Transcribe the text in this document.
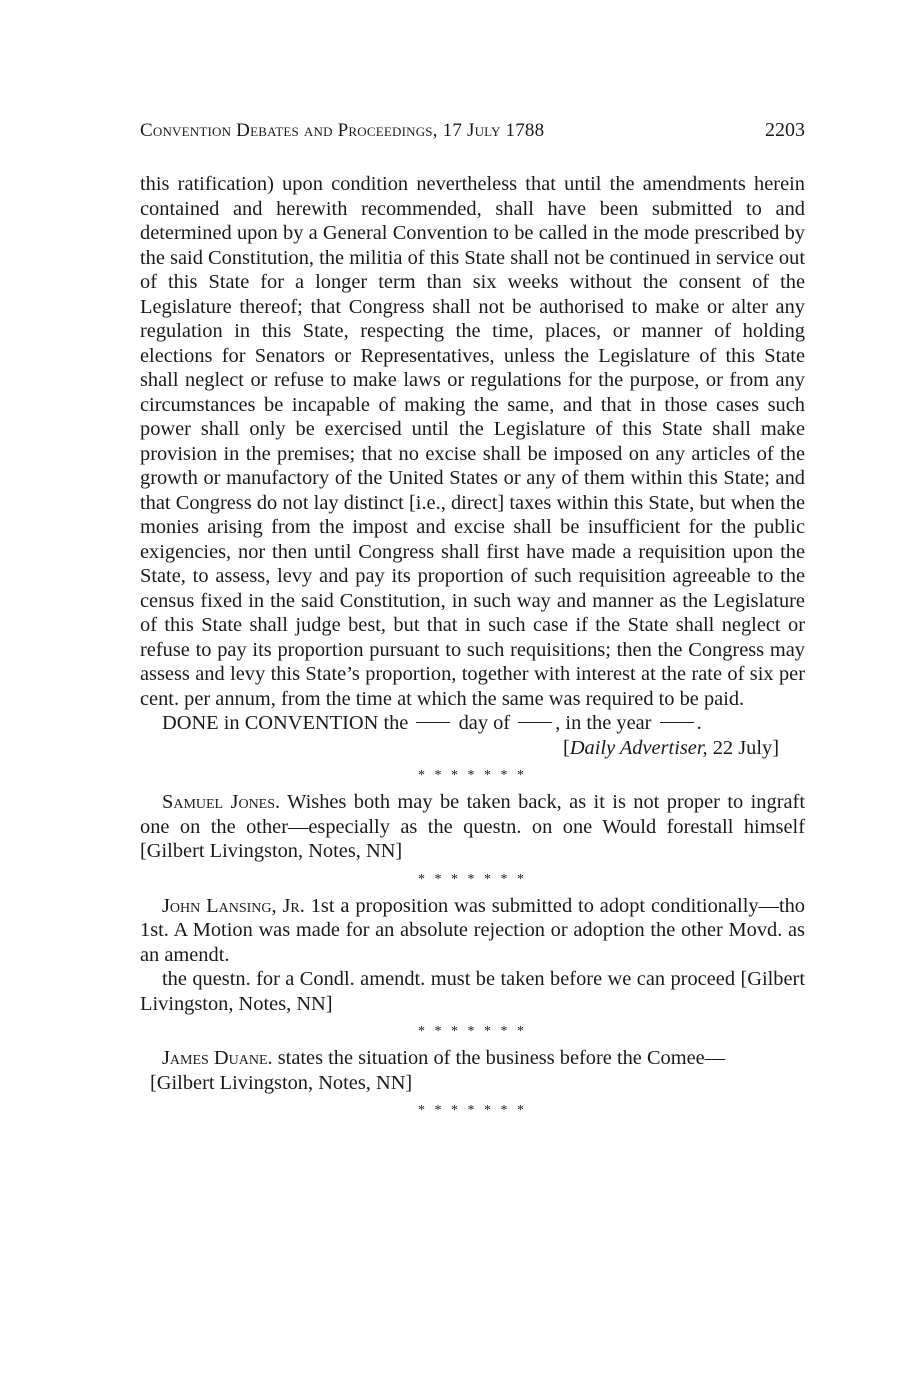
Convention Debates and Proceedings, 17 July 1788	2203

this ratification) upon condition nevertheless that until the amendments herein contained and herewith recommended, shall have been submitted to and determined upon by a General Convention to be called in the mode prescribed by the said Constitution, the militia of this State shall not be continued in service out of this State for a longer term than six weeks without the consent of the Legislature thereof; that Congress shall not be authorised to make or alter any regulation in this State, respecting the time, places, or manner of holding elections for Senators or Representatives, unless the Legislature of this State shall neglect or refuse to make laws or regulations for the purpose, or from any circumstances be incapable of making the same, and that in those cases such power shall only be exercised until the Legislature of this State shall make provision in the premises; that no excise shall be imposed on any articles of the growth or manufactory of the United States or any of them within this State; and that Congress do not lay distinct [i.e., direct] taxes within this State, but when the monies arising from the impost and excise shall be insufficient for the public exigencies, nor then until Congress shall first have made a requisition upon the State, to assess, levy and pay its proportion of such requisition agreeable to the census fixed in the said Constitution, in such way and manner as the Legislature of this State shall judge best, but that in such case if the State shall neglect or refuse to pay its proportion pursuant to such requisitions; then the Congress may assess and levy this State’s proportion, together with interest at the rate of six per cent. per annum, from the time at which the same was required to be paid.

DONE in CONVENTION the day of , in the year .

[Daily Advertiser, 22 July]

* * * * * * *

Samuel Jones. Wishes both may be taken back, as it is not proper to ingraft one on the other—especially as the questn. on one Would forestall himself [Gilbert Livingston, Notes, NN]

* * * * * * *

John Lansing, Jr. 1st a proposition was submitted to adopt conditionally—tho 1st. A Motion was made for an absolute rejection or adoption the other Movd. as an amendt.

the questn. for a Condl. amendt. must be taken before we can proceed [Gilbert Livingston, Notes, NN]

* * * * * * *

James Duane. states the situation of the business before the Comee—

[Gilbert Livingston, Notes, NN]

* * * * * * *
